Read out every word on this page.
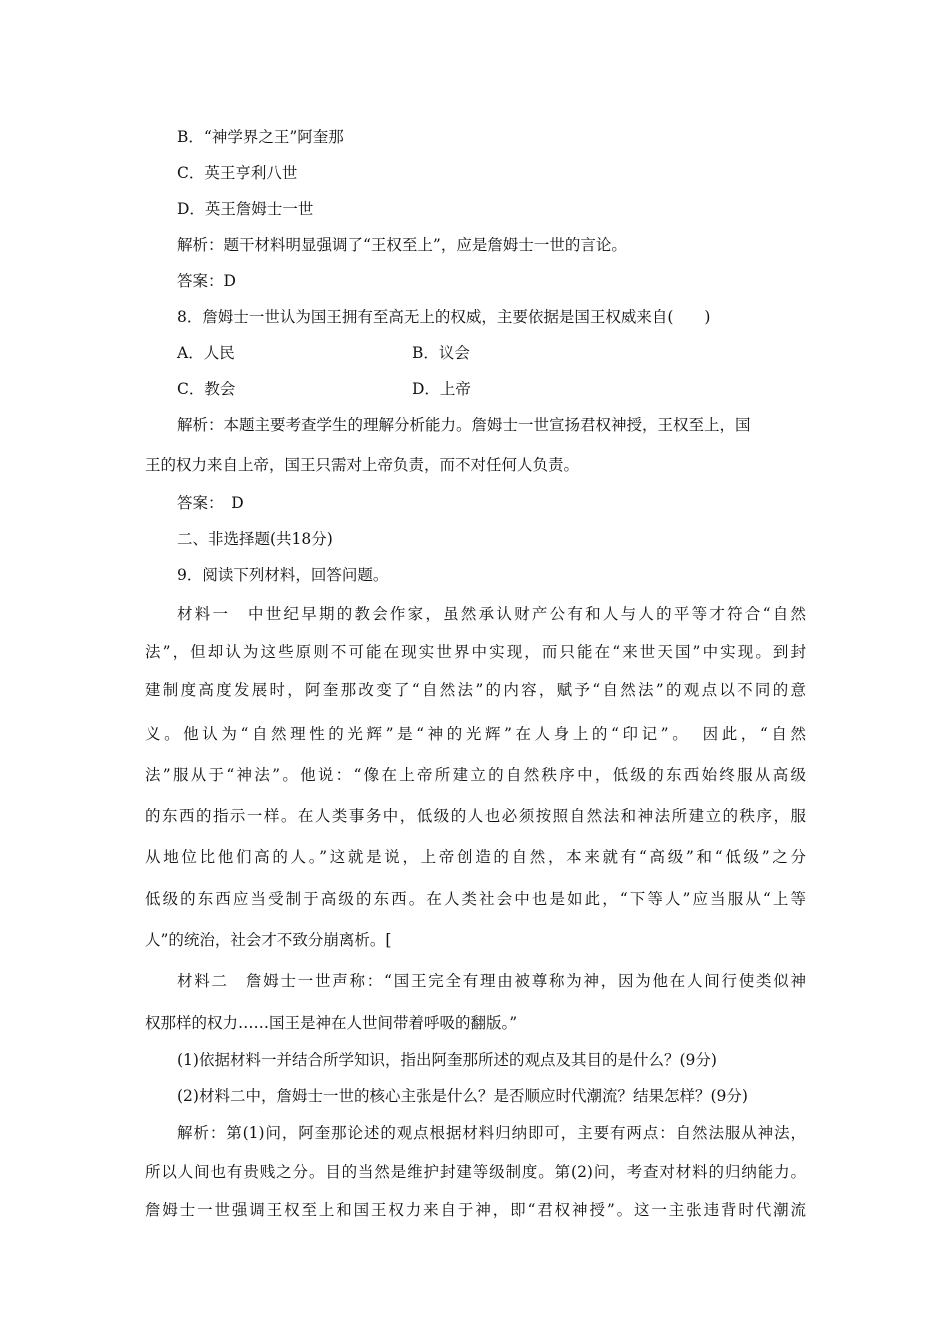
B．“神学界之王”阿奎那
C．英王亨利八世
D．英王詹姆士一世
解析：题干材料明显强调了“王权至上”，应是詹姆士一世的言论。
答案：D
8．詹姆士一世认为国王拥有至高无上的权威，主要依据是国王权威来自(　　)
A．人民	B．议会
C．教会	D．上帝
解析：本题主要考查学生的理解分析能力。詹姆士一世宣扬君权神授，王权至上，国
王的权力来自上帝，国王只需对上帝负责，而不对任何人负责。
答案：　D
二、非选择题(共18分)
9．阅读下列材料，回答问题。
材料一　中世纪早期的教会作家，虽然承认财产公有和人与人的平等才符合“自然
法”，但却认为这些原则不可能在现实世界中实现，而只能在“来世天国”中实现。到封
建制度高度发展时，阿奎那改变了“自然法”的内容，赋予“自然法”的观点以不同的意
义。他认为“自然理性的光辉”是“神的光辉”在人身上的“印记”。　因此，“自然
法”服从于“神法”。他说：“像在上帝所建立的自然秩序中，低级的东西始终服从高级
的东西的指示一样。在人类事务中，低级的人也必须按照自然法和神法所建立的秩序，服
从地位比他们高的人。”这就是说，上帝创造的自然，本来就有“高级”和“低级”之分
低级的东西应当受制于高级的东西。在人类社会中也是如此，“下等人”应当服从“上等
人”的统治，社会才不致分崩离析。[
材料二　詹姆士一世声称：“国王完全有理由被尊称为神，因为他在人间行使类似神
权那样的权力……国王是神在人世间带着呼吸的翻版。”
(1)依据材料一并结合所学知识，指出阿奎那所述的观点及其目的是什么？(9分)
(2)材料二中，詹姆士一世的核心主张是什么？是否顺应时代潮流？结果怎样？(9分)
解析：第(1)问，阿奎那论述的观点根据材料归纳即可，主要有两点：自然法服从神法，
所以人间也有贵贱之分。目的当然是维护封建等级制度。第(2)问，考查对材料的归纳能力。
詹姆士一世强调王权至上和国王权力来自于神，即“君权神授”。这一主张违背时代潮流
